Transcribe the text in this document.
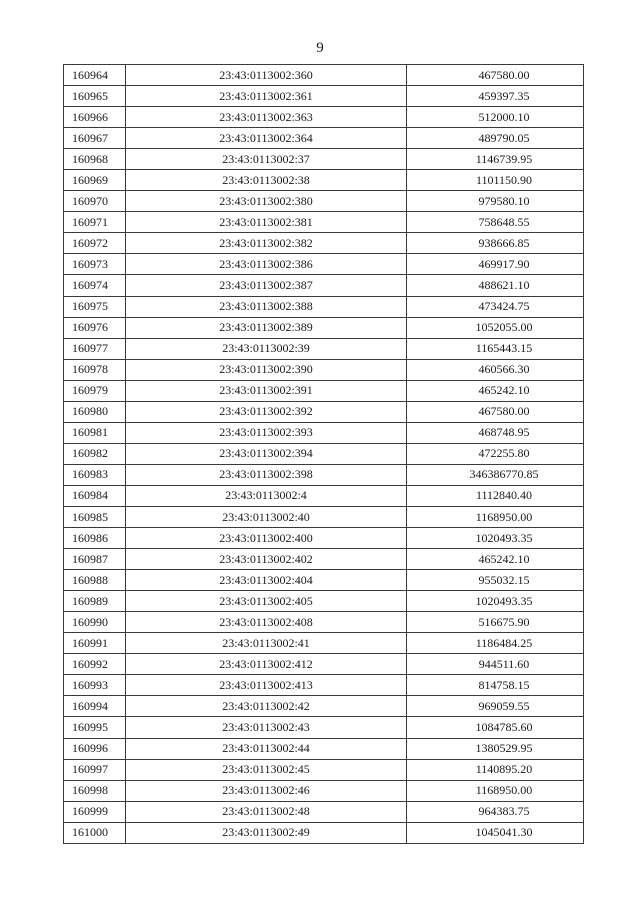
9
160964	23:43:0113002:360	467580.00
160965	23:43:0113002:361	459397.35
160966	23:43:0113002:363	512000.10
160967	23:43:0113002:364	489790.05
160968	23:43:0113002:37	1146739.95
160969	23:43:0113002:38	1101150.90
160970	23:43:0113002:380	979580.10
160971	23:43:0113002:381	758648.55
160972	23:43:0113002:382	938666.85
160973	23:43:0113002:386	469917.90
160974	23:43:0113002:387	488621.10
160975	23:43:0113002:388	473424.75
160976	23:43:0113002:389	1052055.00
160977	23:43:0113002:39	1165443.15
160978	23:43:0113002:390	460566.30
160979	23:43:0113002:391	465242.10
160980	23:43:0113002:392	467580.00
160981	23:43:0113002:393	468748.95
160982	23:43:0113002:394	472255.80
160983	23:43:0113002:398	346386770.85
160984	23:43:0113002:4	1112840.40
160985	23:43:0113002:40	1168950.00
160986	23:43:0113002:400	1020493.35
160987	23:43:0113002:402	465242.10
160988	23:43:0113002:404	955032.15
160989	23:43:0113002:405	1020493.35
160990	23:43:0113002:408	516675.90
160991	23:43:0113002:41	1186484.25
160992	23:43:0113002:412	944511.60
160993	23:43:0113002:413	814758.15
160994	23:43:0113002:42	969059.55
160995	23:43:0113002:43	1084785.60
160996	23:43:0113002:44	1380529.95
160997	23:43:0113002:45	1140895.20
160998	23:43:0113002:46	1168950.00
160999	23:43:0113002:48	964383.75
161000	23:43:0113002:49	1045041.30
